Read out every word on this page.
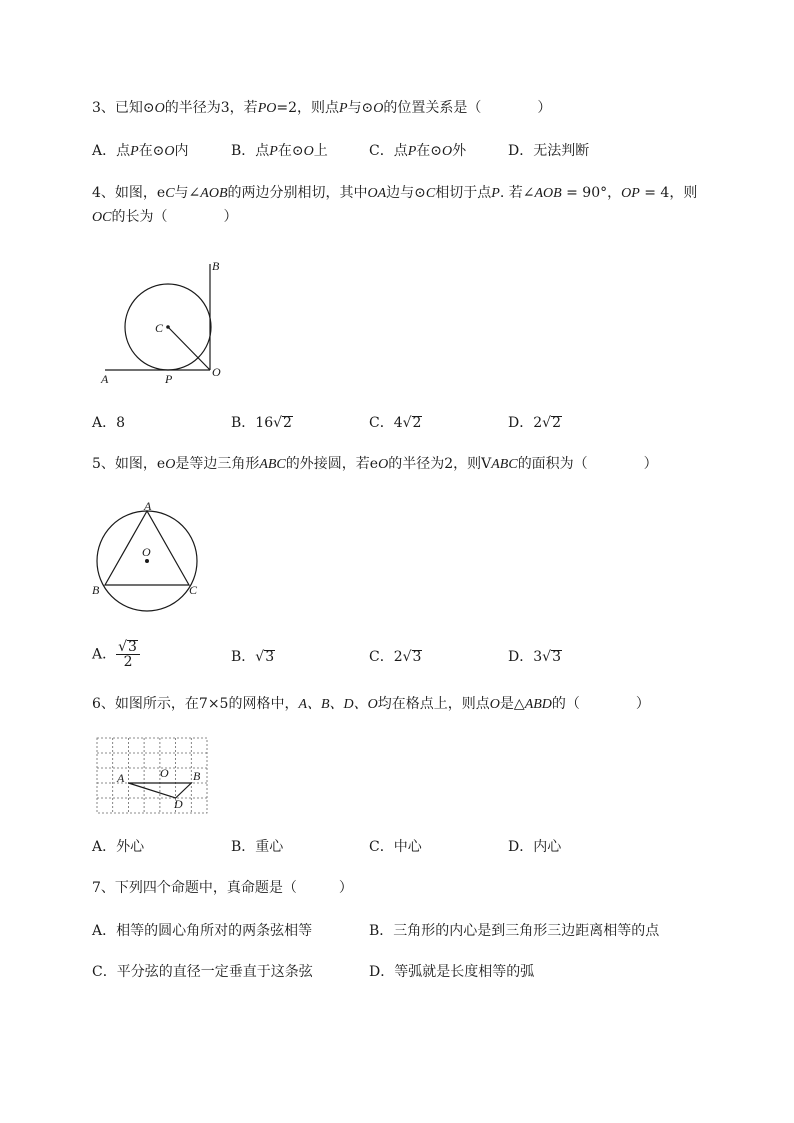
3、已知⊙O的半径为3，若PO=2，则点P与⊙O的位置关系是（　　　　）
A．点P在⊙O内	B．点P在⊙O上	C．点P在⊙O外	D．无法判断
4、如图，eC与∠AOB的两边分别相切，其中OA边与⊙C相切于点P. 若∠AOB = 90°，OP = 4，则
OC的长为（　　　　）
B
C
A	P	O
A．8	B．16√2	C．4√2	D．2√2
5、如图，eO是等边三角形ABC的外接圆，若eO的半径为2，则VABC的面积为（　　　　）
A
O
B	C
A． $\frac{√3}{2}$	B．√3	C．2√3	D．3√3
6、如图所示，在7×5的网格中，A、B、D、O均在格点上，则点O是△ABD的（　　　　）
A	O B
D
A．外心	B．重心	C．中心	D．内心
7、下列四个命题中，真命题是（　　　）
A．相等的圆心角所对的两条弦相等	B．三角形的内心是到三角形三边距离相等的点
C．平分弦的直径一定垂直于这条弦	D．等弧就是长度相等的弧
